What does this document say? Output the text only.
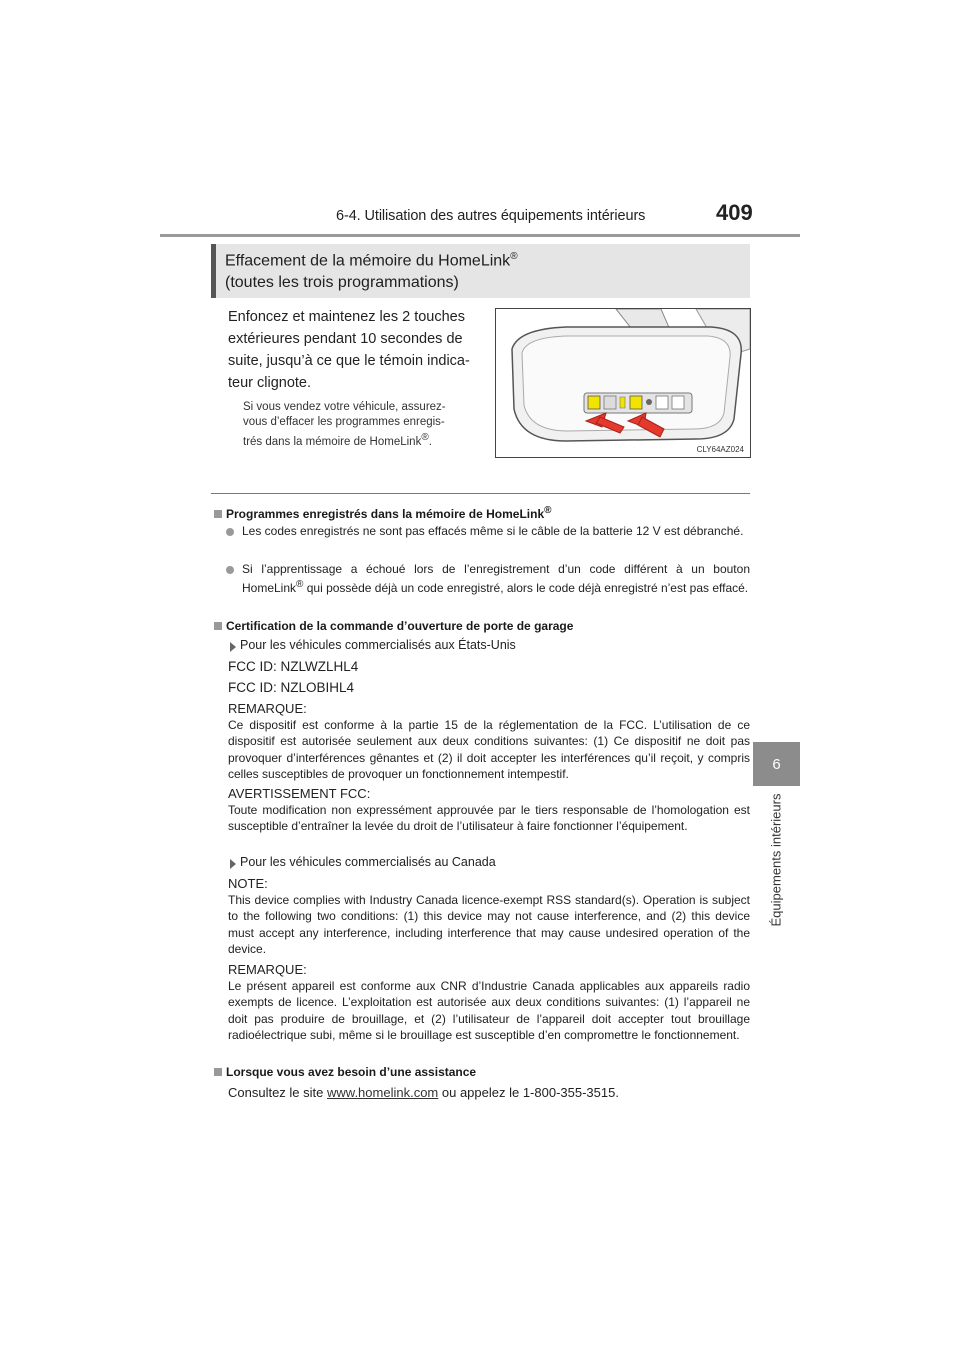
6-4. Utilisation des autres équipements intérieurs	409
6
Équipements intérieurs
Effacement de la mémoire du HomeLink®
(toutes les trois programmations)
Enfoncez et maintenez les 2 touches
extérieures pendant 10 secondes de
suite, jusqu’à ce que le témoin indica-
teur clignote.
Si vous vendez votre véhicule, assurez-
vous d’effacer les programmes enregis-
trés dans la mémoire de HomeLink®.
CLY64AZ024
Programmes enregistrés dans la mémoire de HomeLink®
Les codes enregistrés ne sont pas effacés même si le câble de la batterie 12 V est débranché.
Si l’apprentissage a échoué lors de l’enregistrement d’un code différent à un bouton HomeLink® qui possède déjà un code enregistré, alors le code déjà enregistré n’est pas effacé.
Certification de la commande d’ouverture de porte de garage
Pour les véhicules commercialisés aux États-Unis
FCC ID: NZLWZLHL4
FCC ID: NZLOBIHL4
REMARQUE:
Ce dispositif est conforme à la partie 15 de la réglementation de la FCC. L’utilisation de ce dispositif est autorisée seulement aux deux conditions suivantes: (1) Ce dispositif ne doit pas provoquer d’interférences gênantes et (2) il doit accepter les interférences qu’il reçoit, y compris celles susceptibles de provoquer un fonctionnement intempestif.
AVERTISSEMENT FCC:
Toute modification non expressément approuvée par le tiers responsable de l’homologation est susceptible d’entraîner la levée du droit de l’utilisateur à faire fonctionner l’équipement.
Pour les véhicules commercialisés au Canada
NOTE:
This device complies with Industry Canada licence-exempt RSS standard(s). Operation is subject to the following two conditions: (1) this device may not cause interference, and (2) this device must accept any interference, including interference that may cause undesired operation of the device.
REMARQUE:
Le présent appareil est conforme aux CNR d’Industrie Canada applicables aux appareils radio exempts de licence. L’exploitation est autorisée aux deux conditions suivantes: (1) l’appareil ne doit pas produire de brouillage, et (2) l’utilisateur de l’appareil doit accepter tout brouillage radioélectrique subi, même si le brouillage est susceptible d’en compromettre le fonctionnement.
Lorsque vous avez besoin d’une assistance
Consultez le site www.homelink.com ou appelez le 1-800-355-3515.
